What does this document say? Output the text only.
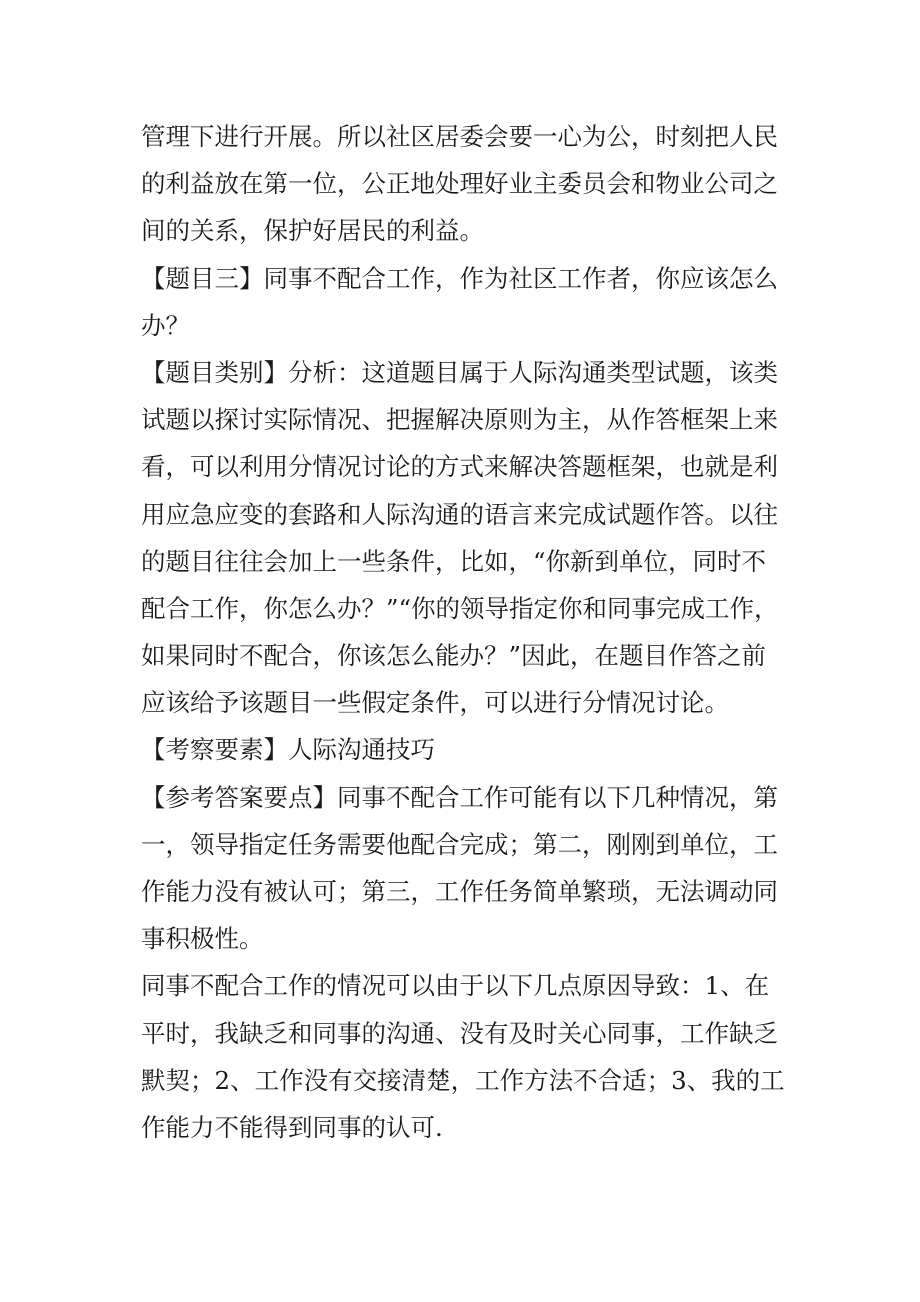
管理下进行开展。所以社区居委会要一心为公，时刻把人民
的利益放在第一位，公正地处理好业主委员会和物业公司之
间的关系，保护好居民的利益。
【题目三】同事不配合工作，作为社区工作者，你应该怎么
办？
【题目类别】分析：这道题目属于人际沟通类型试题，该类
试题以探讨实际情况、把握解决原则为主，从作答框架上来
看，可以利用分情况讨论的方式来解决答题框架，也就是利
用应急应变的套路和人际沟通的语言来完成试题作答。以往
的题目往往会加上一些条件，比如，“你新到单位，同时不
配合工作，你怎么办？”“你的领导指定你和同事完成工作，
如果同时不配合，你该怎么能办？”因此，在题目作答之前
应该给予该题目一些假定条件，可以进行分情况讨论。
【考察要素】人际沟通技巧
【参考答案要点】同事不配合工作可能有以下几种情况，第
一，领导指定任务需要他配合完成；第二，刚刚到单位，工
作能力没有被认可；第三，工作任务简单繁琐，无法调动同
事积极性。
同事不配合工作的情况可以由于以下几点原因导致：1、在
平时，我缺乏和同事的沟通、没有及时关心同事，工作缺乏
默契；2、工作没有交接清楚，工作方法不合适；3、我的工
作能力不能得到同事的认可.
